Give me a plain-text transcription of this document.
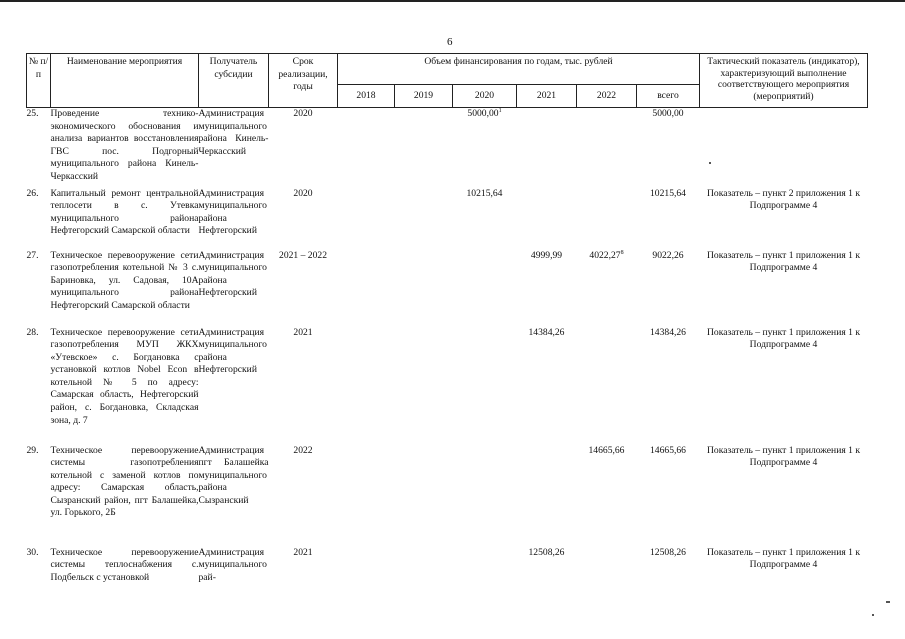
6
№ п/п	Наименование мероприятия	Получатель субсидии	Срок реализации, годы	Объем финансирования по годам, тыс. рублей						Тактический показатель (индикатор), характеризующий выполнение соответствующего мероприятия (мероприятий)
				2018	2019	2020	2021	2022	всего	
25.	Проведение технико-экономического обоснования и анализа вариантов восстановления ГВС пос. Подгорный муниципального района Кинель-Черкасский	Администрация муниципального района Кинель-Черкасский	2020			5000,00$^1$			5000,00	
26.	Капитальный ремонт центральной теплосети в с. Утевка муниципального района Нефтегорский Самарской области	Администрация муниципального района Нефтегорский	2020			10215,64			10215,64	Показатель – пункт 2 приложения 1 к Подпрограмме 4
27.	Техническое перевооружение сети газопотребления котельной № 3 с. Бариновка, ул. Садовая, 10А муниципального района Нефтегорский Самарской области	Администрация муниципального района Нефтегорский	2021 – 2022				4999,99	4022,27$^8$	9022,26	Показатель – пункт 1 приложения 1 к Подпрограмме 4
28.	Техническое перевооружение сети газопотребления МУП ЖКХ «Утевское» с. Богдановка с установкой котлов Nobel Econ в котельной № 5 по адресу: Самарская область, Нефтегорский район, с. Богдановка, Складская зона, д. 7	Администрация муниципального района Нефтегорский	2021				14384,26		14384,26	Показатель – пункт 1 приложения 1 к Подпрограмме 4
29.	Техническое перевооружение системы газопотребления котельной с заменой котлов по адресу: Самарская область, Сызранский район, пгт Балашейка, ул. Горького, 2Б	Администрация пгт Балашейка муниципального района Сызранский	2022					14665,66	14665,66	Показатель – пункт 1 приложения 1 к Подпрограмме 4
30.	Техническое перевооружение системы теплоснабжения с. Подбельск с установкой	Администрация муниципального рай-	2021				12508,26		12508,26	Показатель – пункт 1 приложения 1 к Подпрограмме 4
